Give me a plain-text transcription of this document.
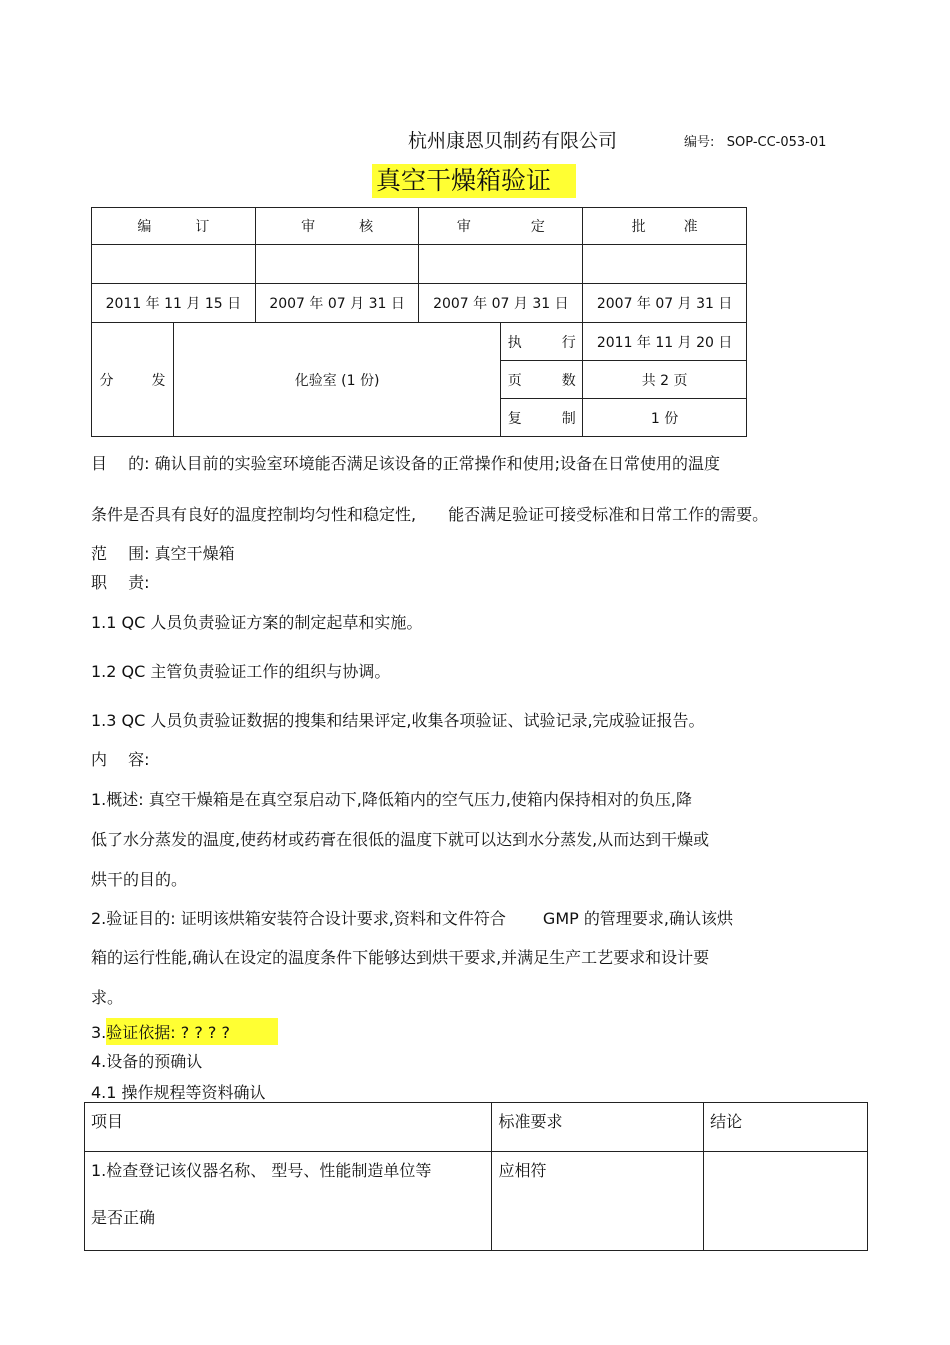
杭州康恩贝制药有限公司	编号: SOP-CC-053-01
真空干燥箱验证
编 订		审 核	审 定		批 准

2011 年 11 月 15 日		2007 年 07 月 31 日	2007 年 07 月 31 日		2007 年 07 月 31 日
分 发	化验室 (1 份)			执 行	2011 年 11 月 20 日
				页 数	共 2 页
				复 制	1 份
目　 的: 确认目前的实验室环境能否满足该设备的正常操作和使用;设备在日常使用的温度
条件是否具有良好的温度控制均匀性和稳定性,　　能否满足验证可接受标准和日常工作的需要。
范　 围: 真空干燥箱
职　 责:
1.1 QC 人员负责验证方案的制定起草和实施。
1.2 QC 主管负责验证工作的组织与协调。
1.3 QC 人员负责验证数据的搜集和结果评定,收集各项验证、试验记录,完成验证报告。
内　 容:
1.概述: 真空干燥箱是在真空泵启动下,降低箱内的空气压力,使箱内保持相对的负压,降
低了水分蒸发的温度,使药材或药膏在很低的温度下就可以达到水分蒸发,从而达到干燥或
烘干的目的。
2.验证目的: 证明该烘箱安装符合设计要求,资料和文件符合　　 GMP 的管理要求,确认该烘
箱的运行性能,确认在设定的温度条件下能够达到烘干要求,并满足生产工艺要求和设计要
求。
3.验证依据: ? ? ? ?
4.设备的预确认
4.1 操作规程等资料确认
项目	标准要求	结论

1.检查登记该仪器名称、 型号、性能制造单位等
是否正确	应相符	
